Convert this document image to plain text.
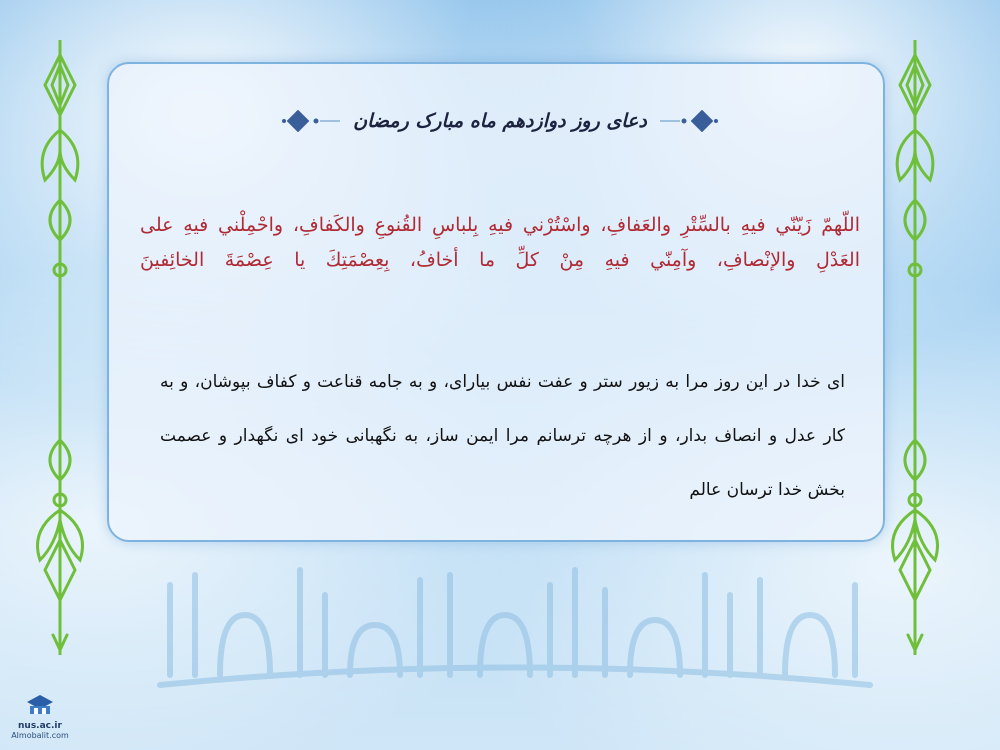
دعای روز دوازدهم ماه مبارک رمضان
اللّهمّ زَيّنّي فيهِ بالسِّتْرِ والعَفافِ، واسْتُرْني فيهِ بِلباسِ القُنوعِ والكَفافِ، واحْمِلْني فيهِ على العَدْلِ والإنْصافِ، وآمِنّي فيهِ مِنْ كلِّ ما أخافُ، بِعِصْمَتِكَ يا عِصْمَةَ الخائِفينَ
ای خدا در این روز مرا به زیور ستر و عفت نفس بیارای، و به جامه قناعت و کفاف بپوشان، و به کار عدل و انصاف بدار، و از هرچه ترسانم مرا ایمن ساز، به نگهبانی خود ای نگهدار و عصمت بخش خدا ترسان عالم
nus.ac.ir
Almobalit.com
